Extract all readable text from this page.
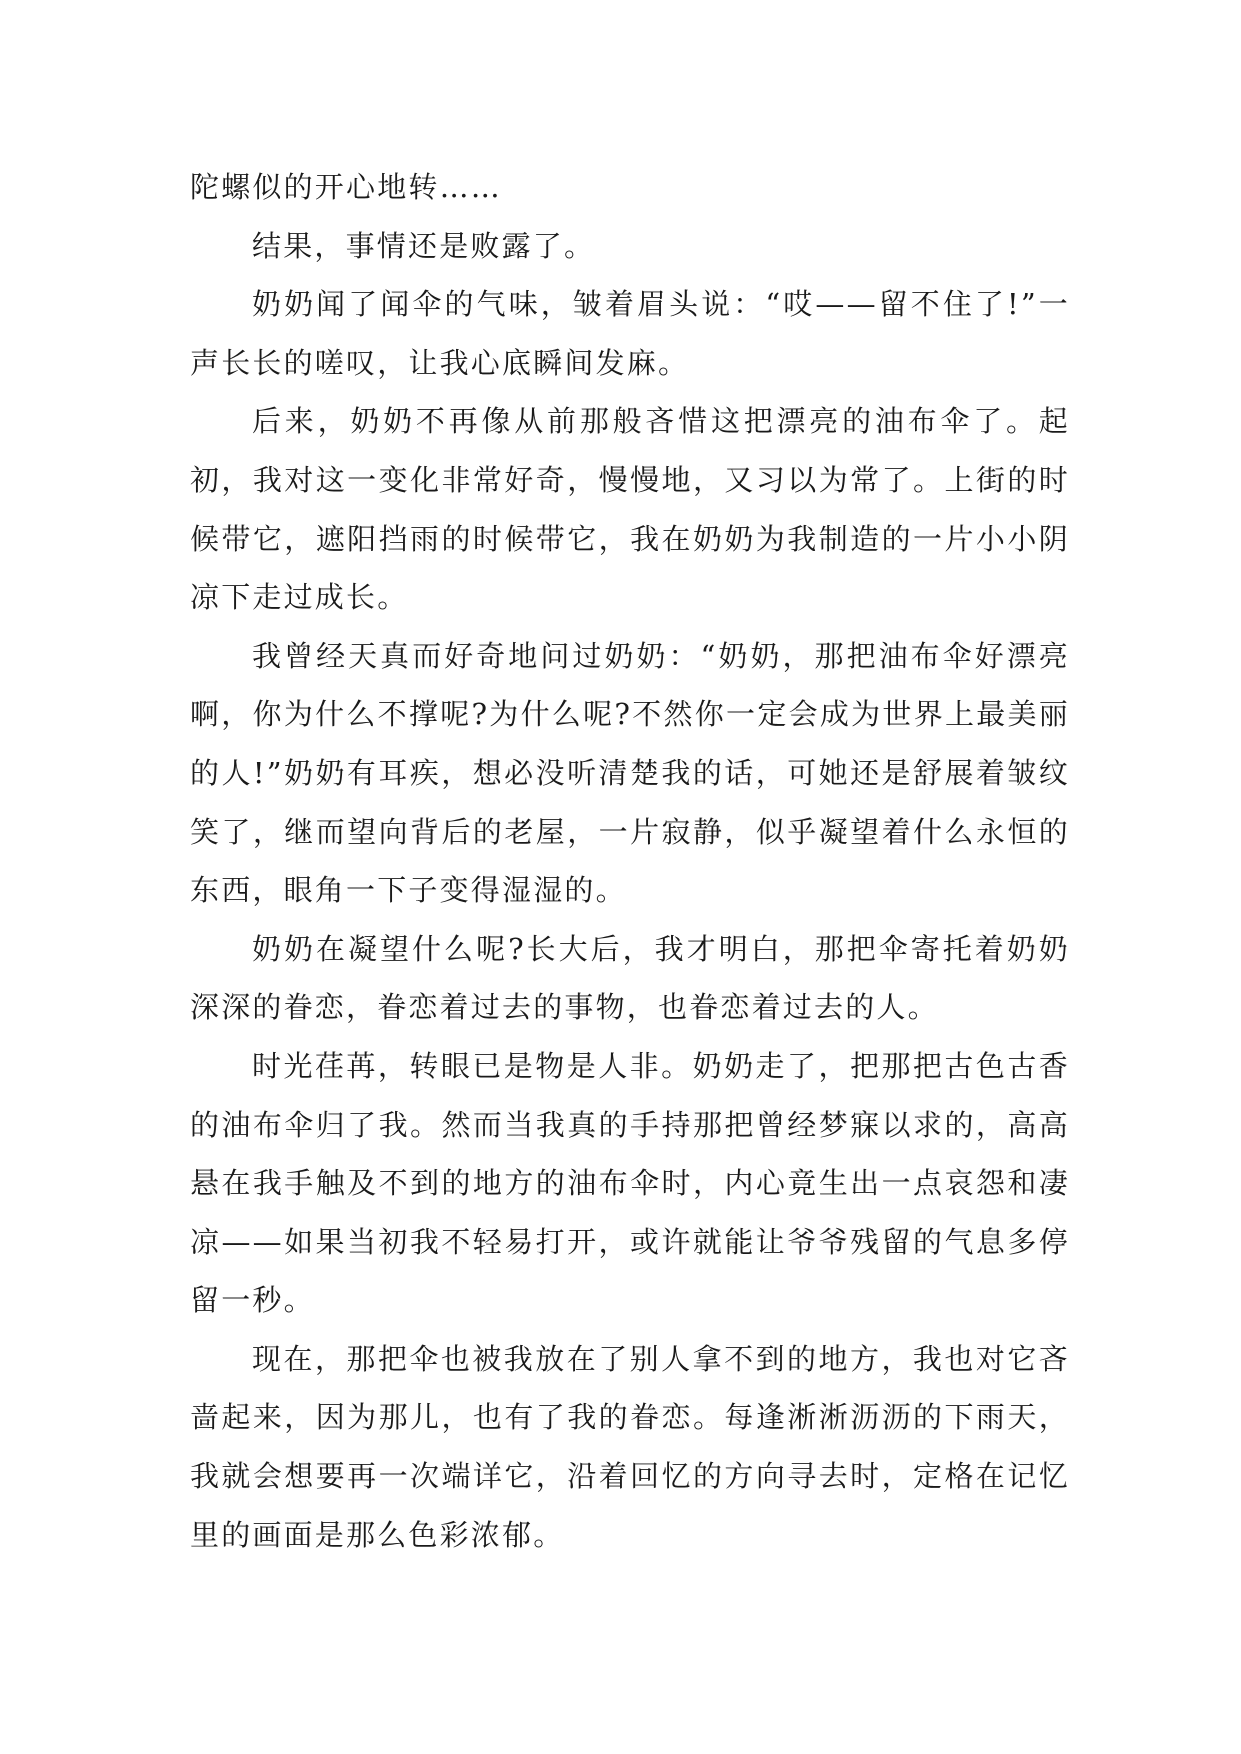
陀螺似的开心地转……

结果，事情还是败露了。

奶奶闻了闻伞的气味，皱着眉头说：“哎——留不住了!”一声长长的嗟叹，让我心底瞬间发麻。

后来，奶奶不再像从前那般吝惜这把漂亮的油布伞了。起初，我对这一变化非常好奇，慢慢地，又习以为常了。上街的时候带它，遮阳挡雨的时候带它，我在奶奶为我制造的一片小小阴凉下走过成长。

我曾经天真而好奇地问过奶奶：“奶奶，那把油布伞好漂亮啊，你为什么不撑呢?为什么呢?不然你一定会成为世界上最美丽的人!”奶奶有耳疾，想必没听清楚我的话，可她还是舒展着皱纹笑了，继而望向背后的老屋，一片寂静，似乎凝望着什么永恒的东西，眼角一下子变得湿湿的。

奶奶在凝望什么呢?长大后，我才明白，那把伞寄托着奶奶深深的眷恋，眷恋着过去的事物，也眷恋着过去的人。

时光荏苒，转眼已是物是人非。奶奶走了，把那把古色古香的油布伞归了我。然而当我真的手持那把曾经梦寐以求的，高高悬在我手触及不到的地方的油布伞时，内心竟生出一点哀怨和凄凉——如果当初我不轻易打开，或许就能让爷爷残留的气息多停留一秒。

现在，那把伞也被我放在了别人拿不到的地方，我也对它吝啬起来，因为那儿，也有了我的眷恋。每逢淅淅沥沥的下雨天，我就会想要再一次端详它，沿着回忆的方向寻去时，定格在记忆里的画面是那么色彩浓郁。
